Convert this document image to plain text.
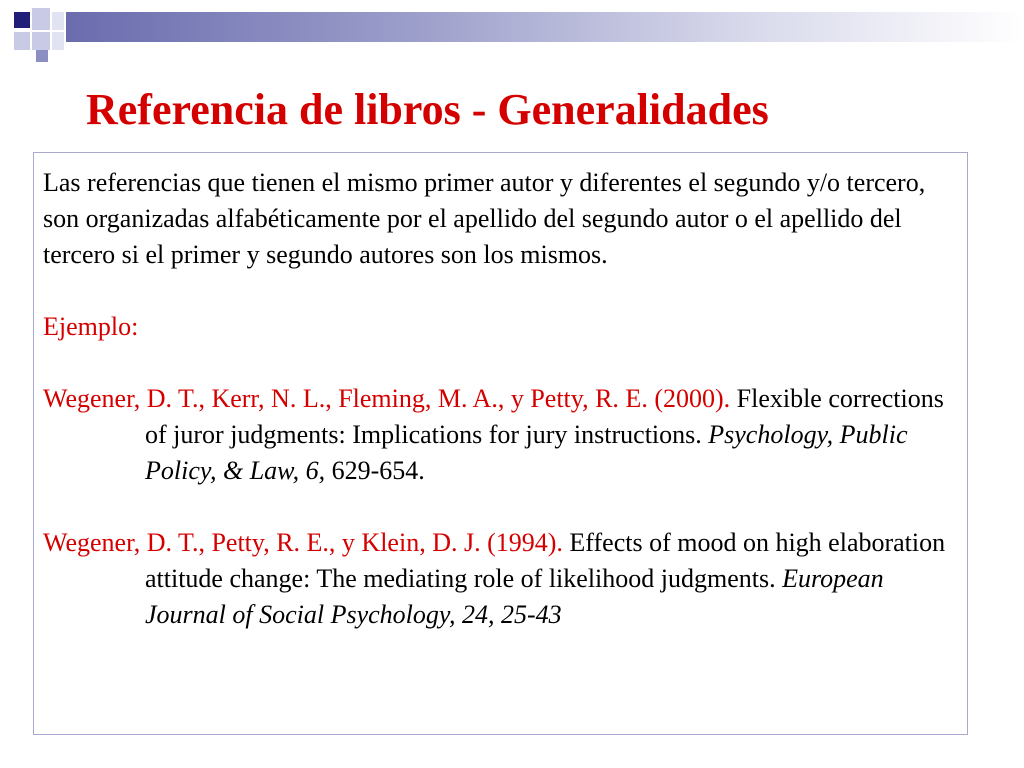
Referencia de libros - Generalidades

Las referencias que tienen el mismo primer autor y diferentes el segundo y/o tercero, son organizadas alfabéticamente por el apellido del segundo autor o el apellido del tercero si el primer y segundo autores son los mismos.

Ejemplo:

Wegener, D. T., Kerr, N. L., Fleming, M. A., y Petty, R. E. (2000). Flexible corrections of juror judgments: Implications for jury instructions. Psychology, Public Policy, & Law, 6, 629-654.

Wegener, D. T., Petty, R. E., y Klein, D. J. (1994). Effects of mood on high elaboration attitude change: The mediating role of likelihood judgments. European Journal of Social Psychology, 24, 25-43
